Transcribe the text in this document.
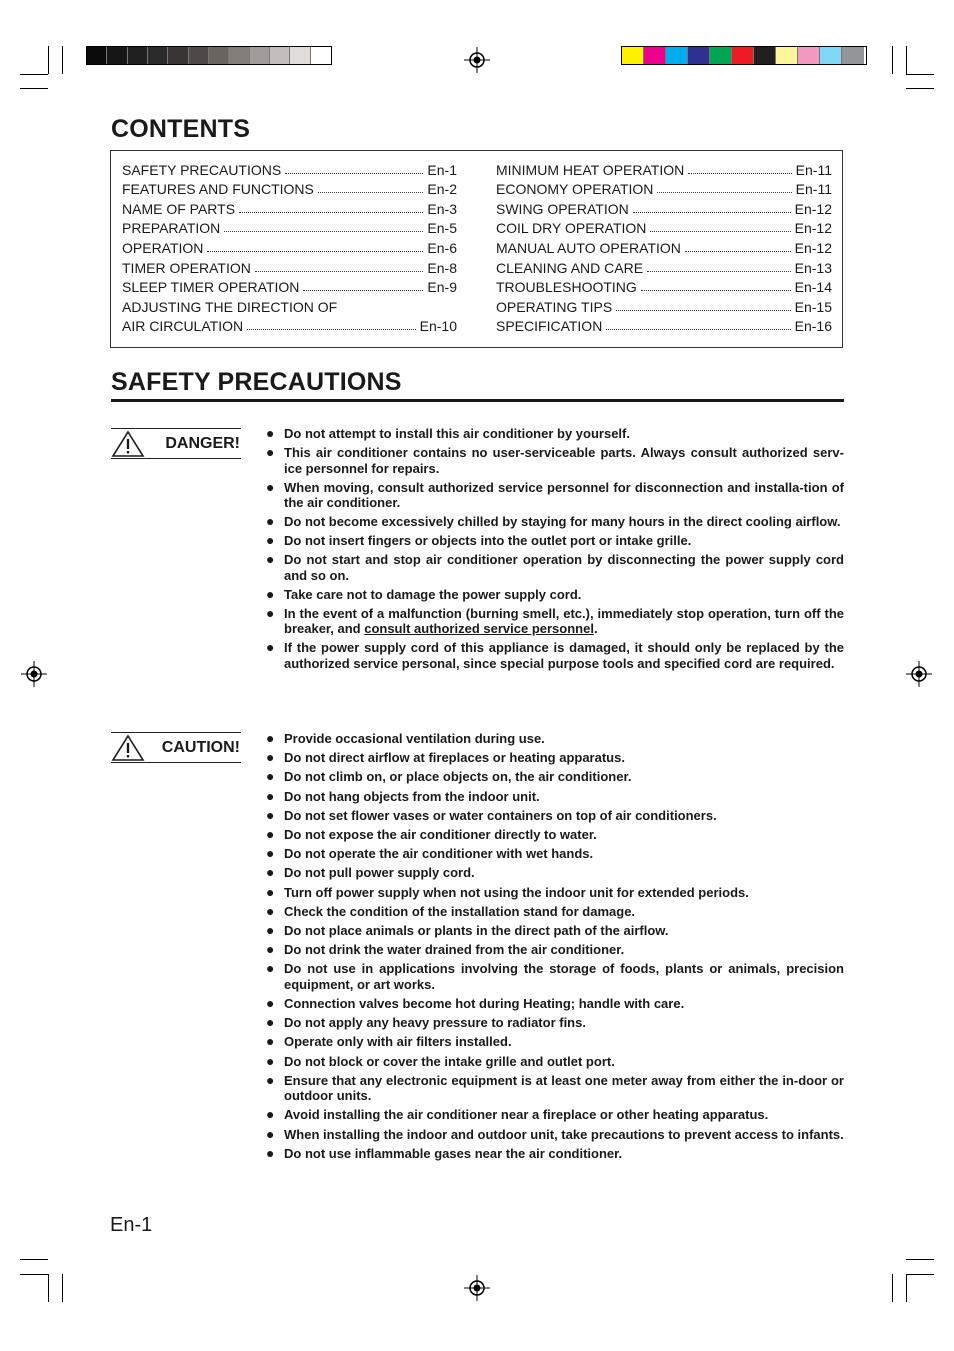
CONTENTS
SAFETY PRECAUTIONS	En-1
FEATURES AND FUNCTIONS	En-2
NAME OF PARTS	En-3
PREPARATION	En-5
OPERATION	En-6
TIMER OPERATION	En-8
SLEEP TIMER OPERATION	En-9
ADJUSTING THE DIRECTION OF
AIR CIRCULATION	En-10
MINIMUM HEAT OPERATION	En-11
ECONOMY OPERATION	En-11
SWING OPERATION	En-12
COIL DRY OPERATION	En-12
MANUAL AUTO OPERATION	En-12
CLEANING AND CARE	En-13
TROUBLESHOOTING	En-14
OPERATING TIPS	En-15
SPECIFICATION	En-16
SAFETY PRECAUTIONS
DANGER!
● Do not attempt to install this air conditioner by yourself.
● This air conditioner contains no user-serviceable parts. Always consult authorized serv-ice personnel for repairs.
● When moving, consult authorized service personnel for disconnection and installa-tion of the air conditioner.
● Do not become excessively chilled by staying for many hours in the direct cooling airflow.
● Do not insert fingers or objects into the outlet port or intake grille.
● Do not start and stop air conditioner operation by disconnecting the power supply cord and so on.
● Take care not to damage the power supply cord.
● In the event of a malfunction (burning smell, etc.), immediately stop operation, turn off the breaker, and consult authorized service personnel.
● If the power supply cord of this appliance is damaged, it should only be replaced by the authorized service personal, since special purpose tools and specified cord are required.
CAUTION!
● Provide occasional ventilation during use.
● Do not direct airflow at fireplaces or heating apparatus.
● Do not climb on, or place objects on, the air conditioner.
● Do not hang objects from the indoor unit.
● Do not set flower vases or water containers on top of air conditioners.
● Do not expose the air conditioner directly to water.
● Do not operate the air conditioner with wet hands.
● Do not pull power supply cord.
● Turn off power supply when not using the indoor unit for extended periods.
● Check the condition of the installation stand for damage.
● Do not place animals or plants in the direct path of the airflow.
● Do not drink the water drained from the air conditioner.
● Do not use in applications involving the storage of foods, plants or animals, precision equipment, or art works.
● Connection valves become hot during Heating; handle with care.
● Do not apply any heavy pressure to radiator fins.
● Operate only with air filters installed.
● Do not block or cover the intake grille and outlet port.
● Ensure that any electronic equipment is at least one meter away from either the in-door or outdoor units.
● Avoid installing the air conditioner near a fireplace or other heating apparatus.
● When installing the indoor and outdoor unit, take precautions to prevent access to infants.
● Do not use inflammable gases near the air conditioner.
En-1
